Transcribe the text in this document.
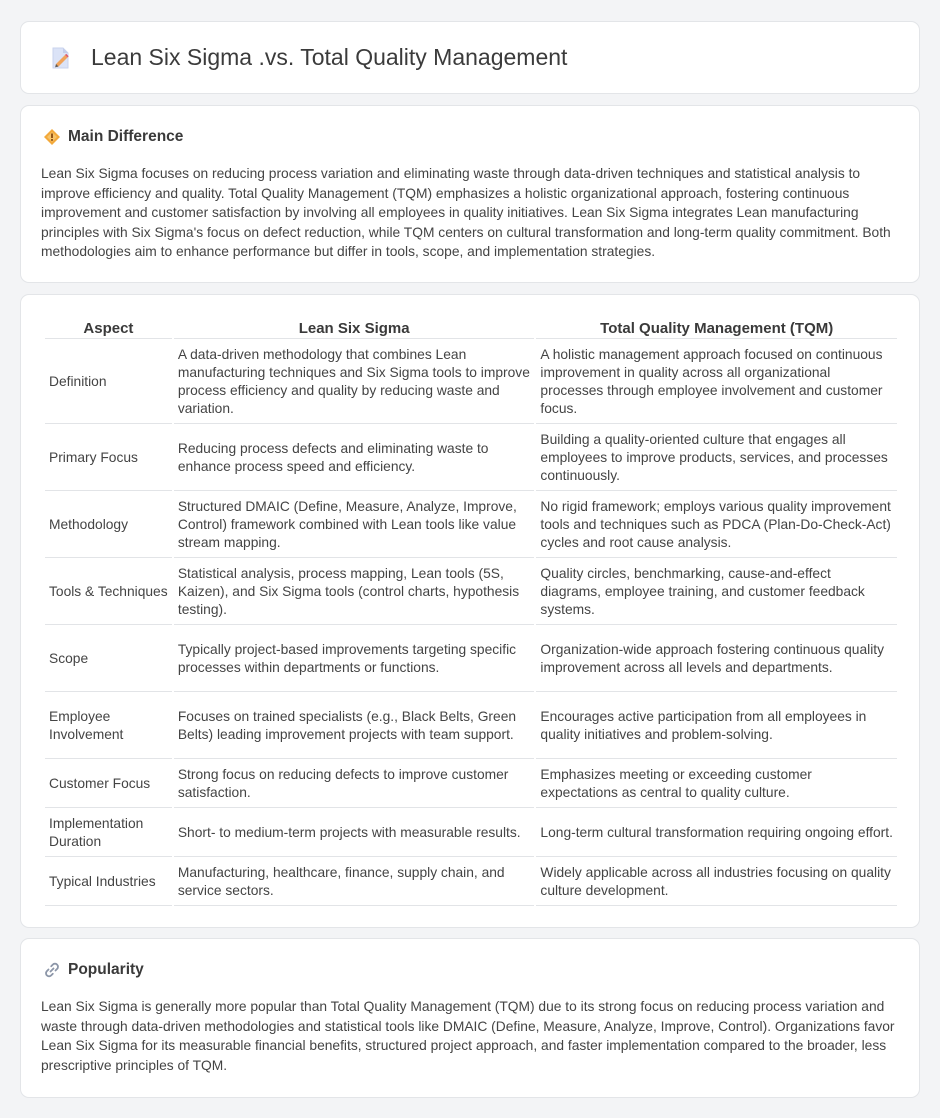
Lean Six Sigma .vs. Total Quality Management
Main Difference

Lean Six Sigma focuses on reducing process variation and eliminating waste through data-driven techniques and statistical analysis to improve efficiency and quality. Total Quality Management (TQM) emphasizes a holistic organizational approach, fostering continuous improvement and customer satisfaction by involving all employees in quality initiatives. Lean Six Sigma integrates Lean manufacturing principles with Six Sigma's focus on defect reduction, while TQM centers on cultural transformation and long-term quality commitment. Both methodologies aim to enhance performance but differ in tools, scope, and implementation strategies.

Aspect	Lean Six Sigma	Total Quality Management (TQM)
Definition	A data-driven methodology that combines Lean manufacturing techniques and Six Sigma tools to improve process efficiency and quality by reducing waste and variation.	A holistic management approach focused on continuous improvement in quality across all organizational processes through employee involvement and customer focus.
Primary Focus	Reducing process defects and eliminating waste to enhance process speed and efficiency.	Building a quality-oriented culture that engages all employees to improve products, services, and processes continuously.
Methodology	Structured DMAIC (Define, Measure, Analyze, Improve, Control) framework combined with Lean tools like value stream mapping.	No rigid framework; employs various quality improvement tools and techniques such as PDCA (Plan-Do-Check-Act) cycles and root cause analysis.
Tools & Techniques	Statistical analysis, process mapping, Lean tools (5S, Kaizen), and Six Sigma tools (control charts, hypothesis testing).	Quality circles, benchmarking, cause-and-effect diagrams, employee training, and customer feedback systems.
Scope	Typically project-based improvements targeting specific processes within departments or functions.	Organization-wide approach fostering continuous quality improvement across all levels and departments.
Employee Involvement	Focuses on trained specialists (e.g., Black Belts, Green Belts) leading improvement projects with team support.	Encourages active participation from all employees in quality initiatives and problem-solving.
Customer Focus	Strong focus on reducing defects to improve customer satisfaction.	Emphasizes meeting or exceeding customer expectations as central to quality culture.
Implementation Duration	Short- to medium-term projects with measurable results.	Long-term cultural transformation requiring ongoing effort.
Typical Industries	Manufacturing, healthcare, finance, supply chain, and service sectors.	Widely applicable across all industries focusing on quality culture development.
Popularity

Lean Six Sigma is generally more popular than Total Quality Management (TQM) due to its strong focus on reducing process variation and waste through data-driven methodologies and statistical tools like DMAIC (Define, Measure, Analyze, Improve, Control). Organizations favor Lean Six Sigma for its measurable financial benefits, structured project approach, and faster implementation compared to the broader, less prescriptive principles of TQM.
